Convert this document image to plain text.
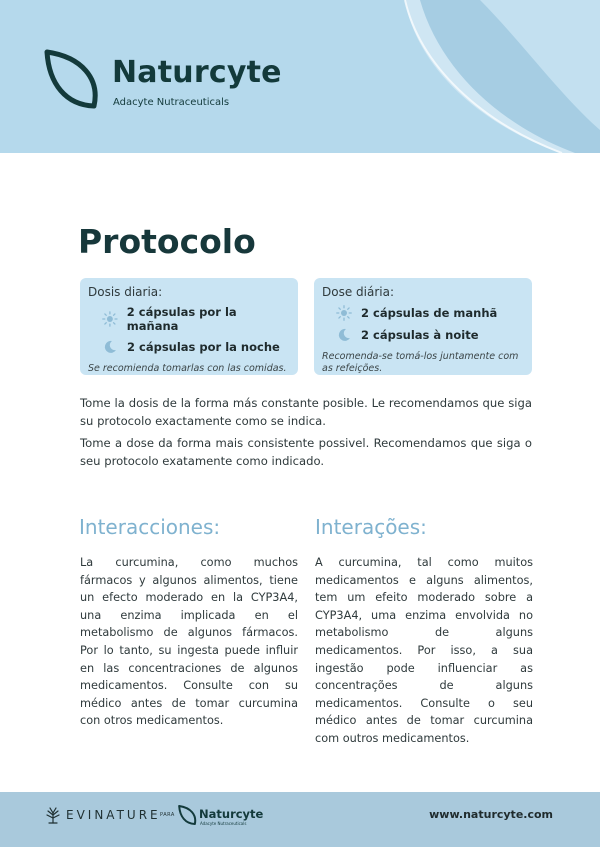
Naturcyte
Adacyte Nutraceuticals
Protocolo
Dosis diaria:
2 cápsulas por la mañana
2 cápsulas por la noche
Se recomienda tomarlas con las comidas.
Dose diária:
2 cápsulas de manhã
2 cápsulas à noite
Recomenda-se tomá-los juntamente com as refeições.

Tome la dosis de la forma más constante posible. Le recomendamos que siga su protocolo exactamente como se indica.

Tome a dose da forma mais consistente possivel. Recomendamos que siga o seu protocolo exatamente como indicado.

Interacciones:	Interações:

La curcumina, como muchos fármacos y algunos alimentos, tiene un efecto moderado en la CYP3A4, una enzima implicada en el metabolismo de algunos fármacos. Por lo tanto, su ingesta puede influir en las concentraciones de algunos medicamentos. Consulte con su médico antes de tomar curcumina con otros medicamentos.

A curcumina, tal como muitos medicamentos e alguns alimentos, tem um efeito moderado sobre a CYP3A4, uma enzima envolvida no metabolismo de alguns medicamentos. Por isso, a sua ingestão pode influenciar as concentrações de alguns medicamentos. Consulte o seu médico antes de tomar curcumina com outros medicamentos.

EVINATURE PARA Naturcyte
Adacyte Nutraceuticals
www.naturcyte.com
